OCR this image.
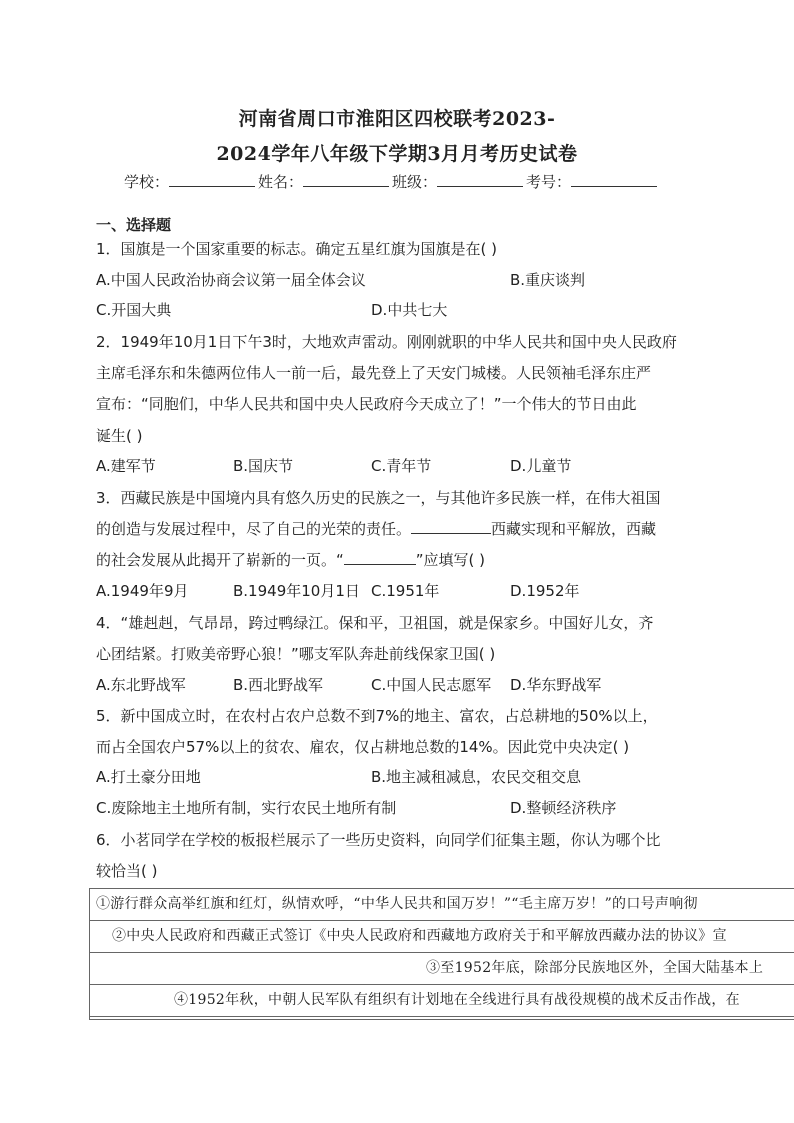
河南省周口市淮阳区四校联考2023-
2024学年八年级下学期3月月考历史试卷
学校：	姓名：	班级：	考号：
一、选择题
1．国旗是一个国家重要的标志。确定五星红旗为国旗是在( )
A.中国人民政治协商会议第一届全体会议	B.重庆谈判
C.开国大典	D.中共七大
2．1949年10月1日下午3时，大地欢声雷动。刚刚就职的中华人民共和国中央人民政府
主席毛泽东和朱德两位伟人一前一后，最先登上了天安门城楼。人民领袖毛泽东庄严
宣布：“同胞们，中华人民共和国中央人民政府今天成立了！”一个伟大的节日由此
诞生( )
A.建军节	B.国庆节	C.青年节	D.儿童节
3．西藏民族是中国境内具有悠久历史的民族之一，与其他许多民族一样，在伟大祖国
的创造与发展过程中，尽了自己的光荣的责任。	西藏实现和平解放，西藏
的社会发展从此揭开了崭新的一页。“	”应填写( )
A.1949年9月	B.1949年10月1日 C.1951年	D.1952年
4．“雄赳赳，气昂昂，跨过鸭绿江。保和平，卫祖国，就是保家乡。中国好儿女，齐
心团结紧。打败美帝野心狼！”哪支军队奔赴前线保家卫国( )
A.东北野战军	B.西北野战军	C.中国人民志愿军 D.华东野战军
5．新中国成立时，在农村占农户总数不到7%的地主、富农，占总耕地的50%以上，
而占全国农户57%以上的贫农、雇农，仅占耕地总数的14%。因此党中央决定( )
A.打土豪分田地	B.地主减租减息，农民交租交息
C.废除地主土地所有制，实行农民土地所有制	D.整顿经济秩序
6．小茗同学在学校的板报栏展示了一些历史资料，向同学们征集主题，你认为哪个比
较恰当( )
①游行群众高举红旗和红灯，纵情欢呼，“中华人民共和国万岁！”“毛主席万岁！”的口号声响彻
②中央人民政府和西藏正式签订《中央人民政府和西藏地方政府关于和平解放西藏办法的协议》宣
③至1952年底，除部分民族地区外，全国大陆基本上
④1952年秋，中朝人民军队有组织有计划地在全线进行具有战役规模的战术反击作战，在
